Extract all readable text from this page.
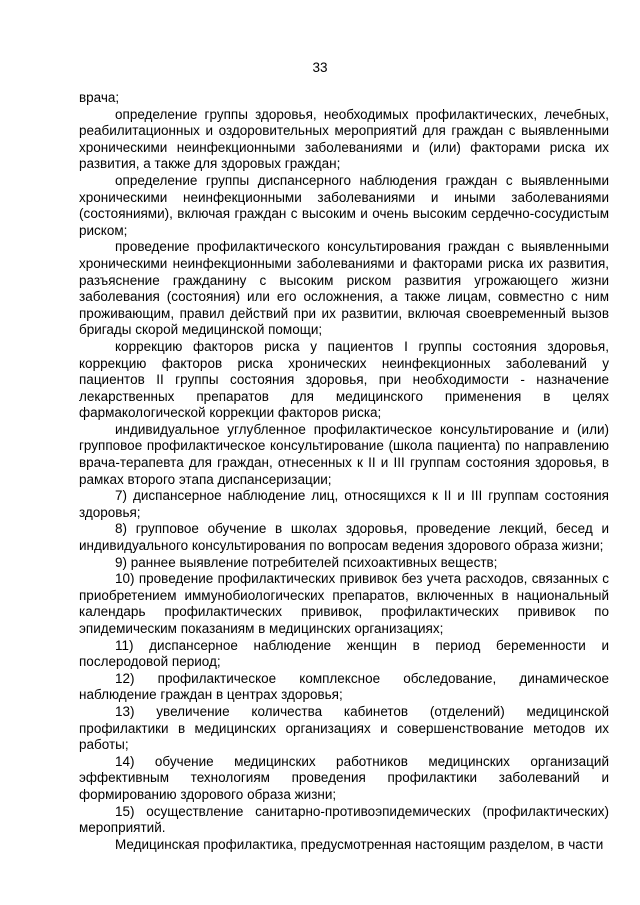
33

врача;

определение группы здоровья, необходимых профилактических, лечебных, реабилитационных и оздоровительных мероприятий для граждан с выявленными хроническими неинфекционными заболеваниями и (или) факторами риска их развития, а также для здоровых граждан;

определение группы диспансерного наблюдения граждан с выявленными хроническими неинфекционными заболеваниями и иными заболеваниями (состояниями), включая граждан с высоким и очень высоким сердечно-сосудистым риском;

проведение профилактического консультирования граждан с выявленными хроническими неинфекционными заболеваниями и факторами риска их развития, разъяснение гражданину с высоким риском развития угрожающего жизни заболевания (состояния) или его осложнения, а также лицам, совместно с ним проживающим, правил действий при их развитии, включая своевременный вызов бригады скорой медицинской помощи;

коррекцию факторов риска у пациентов I группы состояния здоровья, коррекцию факторов риска хронических неинфекционных заболеваний у пациентов II группы состояния здоровья, при необходимости - назначение лекарственных препаратов для медицинского применения в целях фармакологической коррекции факторов риска;

индивидуальное углубленное профилактическое консультирование и (или) групповое профилактическое консультирование (школа пациента) по направлению врача-терапевта для граждан, отнесенных к II и III группам состояния здоровья, в рамках второго этапа диспансеризации;

7) диспансерное наблюдение лиц, относящихся к II и III группам состояния здоровья;

8) групповое обучение в школах здоровья, проведение лекций, бесед и индивидуального консультирования по вопросам ведения здорового образа жизни;

9) раннее выявление потребителей психоактивных веществ;

10) проведение профилактических прививок без учета расходов, связанных с приобретением иммунобиологических препаратов, включенных в национальный календарь профилактических прививок, профилактических прививок по эпидемическим показаниям в медицинских организациях;

11) диспансерное наблюдение женщин в период беременности и послеродовой период;

12) профилактическое комплексное обследование, динамическое наблюдение граждан в центрах здоровья;

13) увеличение количества кабинетов (отделений) медицинской профилактики в медицинских организациях и совершенствование методов их работы;

14) обучение медицинских работников медицинских организаций эффективным технологиям проведения профилактики заболеваний и формированию здорового образа жизни;

15) осуществление санитарно-противоэпидемических (профилактических) мероприятий.

Медицинская профилактика, предусмотренная настоящим разделом, в части
